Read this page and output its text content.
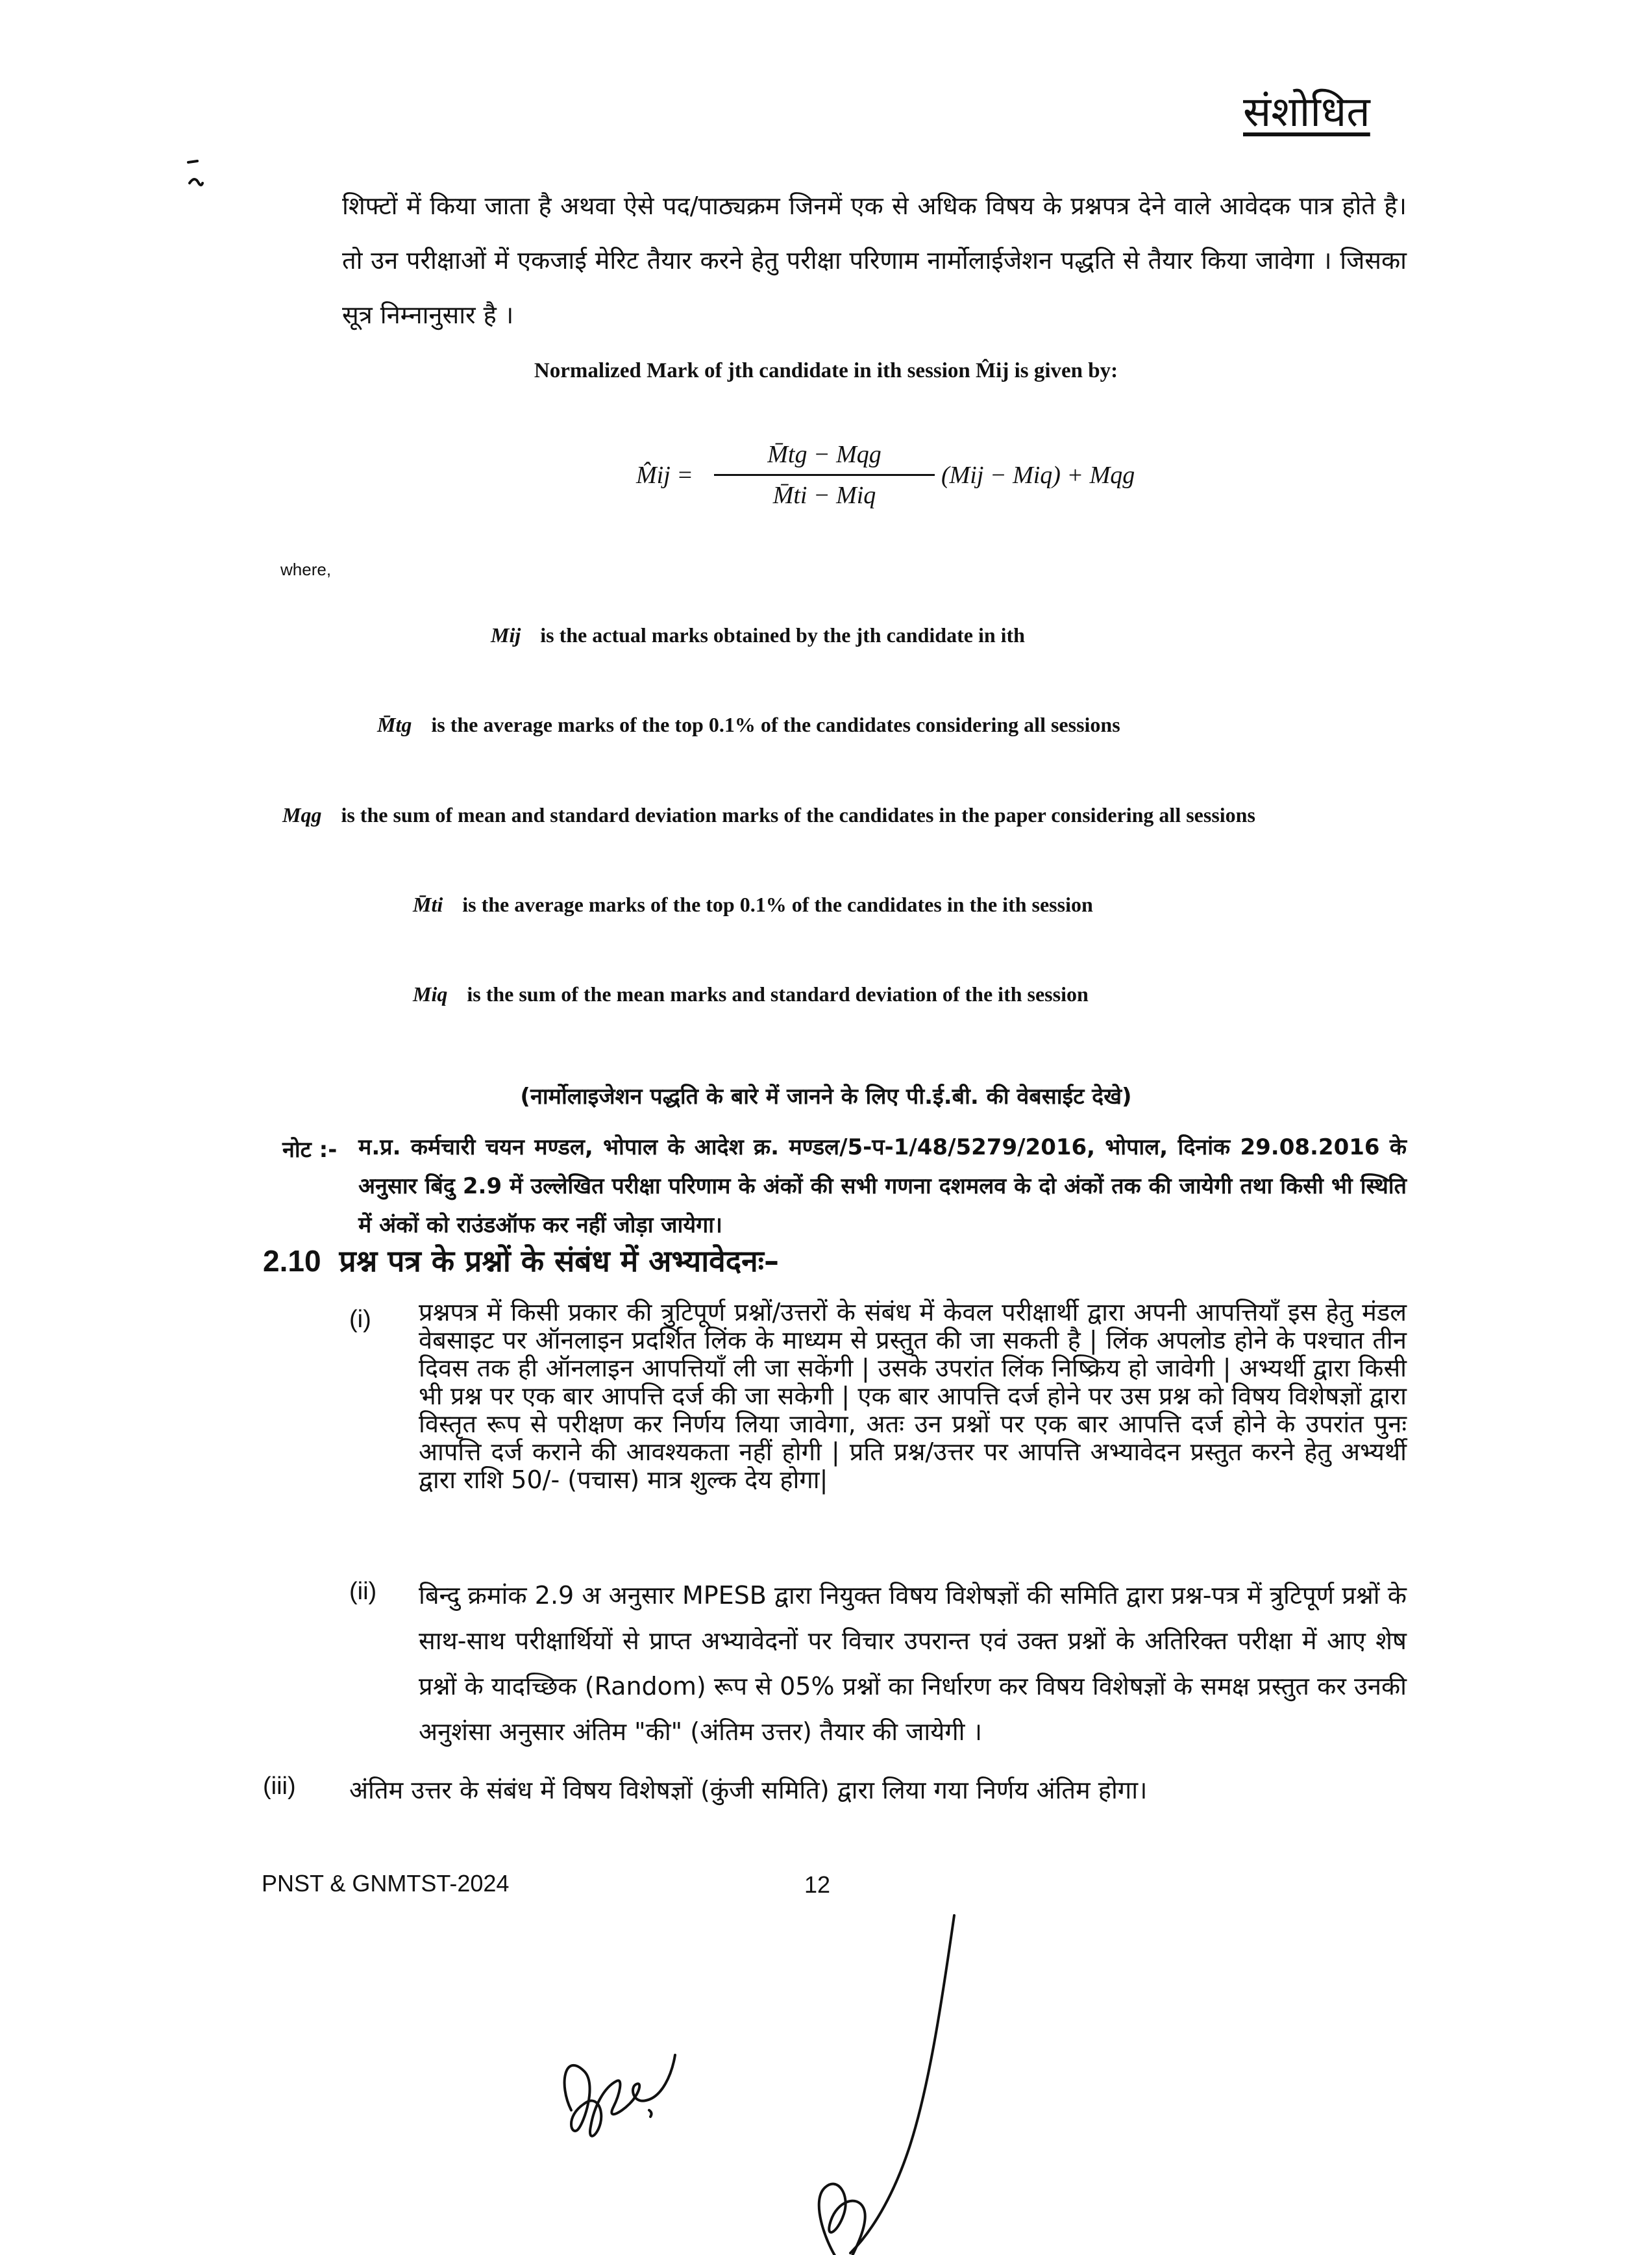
संशोधित

शिफ्टों में किया जाता है अथवा ऐसे पद/पाठ्यक्रम जिनमें एक से अधिक विषय के प्रश्नपत्र देने वाले आवेदक पात्र होते है। तो उन परीक्षाओं में एकजाई मेरिट तैयार करने हेतु परीक्षा परिणाम नार्मोलाईजेशन पद्धति से तैयार किया जावेगा । जिसका सूत्र निम्नानुसार है ।

Normalized Mark of jth candidate in ith session M̂ij is given by:
M̂ij =
M̄tg − Mqg
M̄ti − Miq
(Mij − Miq) + Mqg
where,
Mij is the actual marks obtained by the jth candidate in ith
M̄tg is the average marks of the top 0.1% of the candidates considering all sessions
Mqg is the sum of mean and standard deviation marks of the candidates in the paper considering all sessions
M̄ti is the average marks of the top 0.1% of the candidates in the ith session
Miq is the sum of the mean marks and standard deviation of the ith session
(नार्मोलाइजेशन पद्धति के बारे में जानने के लिए पी.ई.बी. की वेबसाईट देखे)
नोट :- म.प्र. कर्मचारी चयन मण्डल, भोपाल के आदेश क्र. मण्डल/5-प-1/48/5279/2016, भोपाल, दिनांक 29.08.2016 के अनुसार बिंदु 2.9 में उल्लेखित परीक्षा परिणाम के अंकों की सभी गणना दशमलव के दो अंकों तक की जायेगी तथा किसी भी स्थिति में अंकों को राउंडऑफ कर नहीं जोड़ा जायेगा।
2.10 प्रश्न पत्र के प्रश्नों के संबंध में अभ्यावेदनः–
(i) प्रश्नपत्र में किसी प्रकार की त्रुटिपूर्ण प्रश्नों/उत्तरों के संबंध में केवल परीक्षार्थी द्वारा अपनी आपत्तियाँ इस हेतु मंडल वेबसाइट पर ऑनलाइन प्रदर्शित लिंक के माध्यम से प्रस्तुत की जा सकती है | लिंक अपलोड होने के पश्चात तीन दिवस तक ही ऑनलाइन आपत्तियाँ ली जा सकेंगी | उसके उपरांत लिंक निष्क्रिय हो जावेगी | अभ्यर्थी द्वारा किसी भी प्रश्न पर एक बार आपत्ति दर्ज की जा सकेगी | एक बार आपत्ति दर्ज होने पर उस प्रश्न को विषय विशेषज्ञों द्वारा विस्तृत रूप से परीक्षण कर निर्णय लिया जावेगा, अतः उन प्रश्नों पर एक बार आपत्ति दर्ज होने के उपरांत पुनः आपत्ति दर्ज कराने की आवश्यकता नहीं होगी | प्रति प्रश्न/उत्तर पर आपत्ति अभ्यावेदन प्रस्तुत करने हेतु अभ्यर्थी द्वारा राशि 50/- (पचास) मात्र शुल्क देय होगा|
(ii) बिन्दु क्रमांक 2.9 अ अनुसार MPESB द्वारा नियुक्त विषय विशेषज्ञों की समिति द्वारा प्रश्न-पत्र में त्रुटिपूर्ण प्रश्नों के साथ-साथ परीक्षार्थियों से प्राप्त अभ्यावेदनों पर विचार उपरान्त एवं उक्त प्रश्नों के अतिरिक्त परीक्षा में आए शेष प्रश्नों के यादच्छिक (Random) रूप से 05% प्रश्नों का निर्धारण कर विषय विशेषज्ञों के समक्ष प्रस्तुत कर उनकी अनुशंसा अनुसार अंतिम "की" (अंतिम उत्तर) तैयार की जायेगी ।
(iii) अंतिम उत्तर के संबंध में विषय विशेषज्ञों (कुंजी समिति) द्वारा लिया गया निर्णय अंतिम होगा।
PNST & GNMTST-2024	12
